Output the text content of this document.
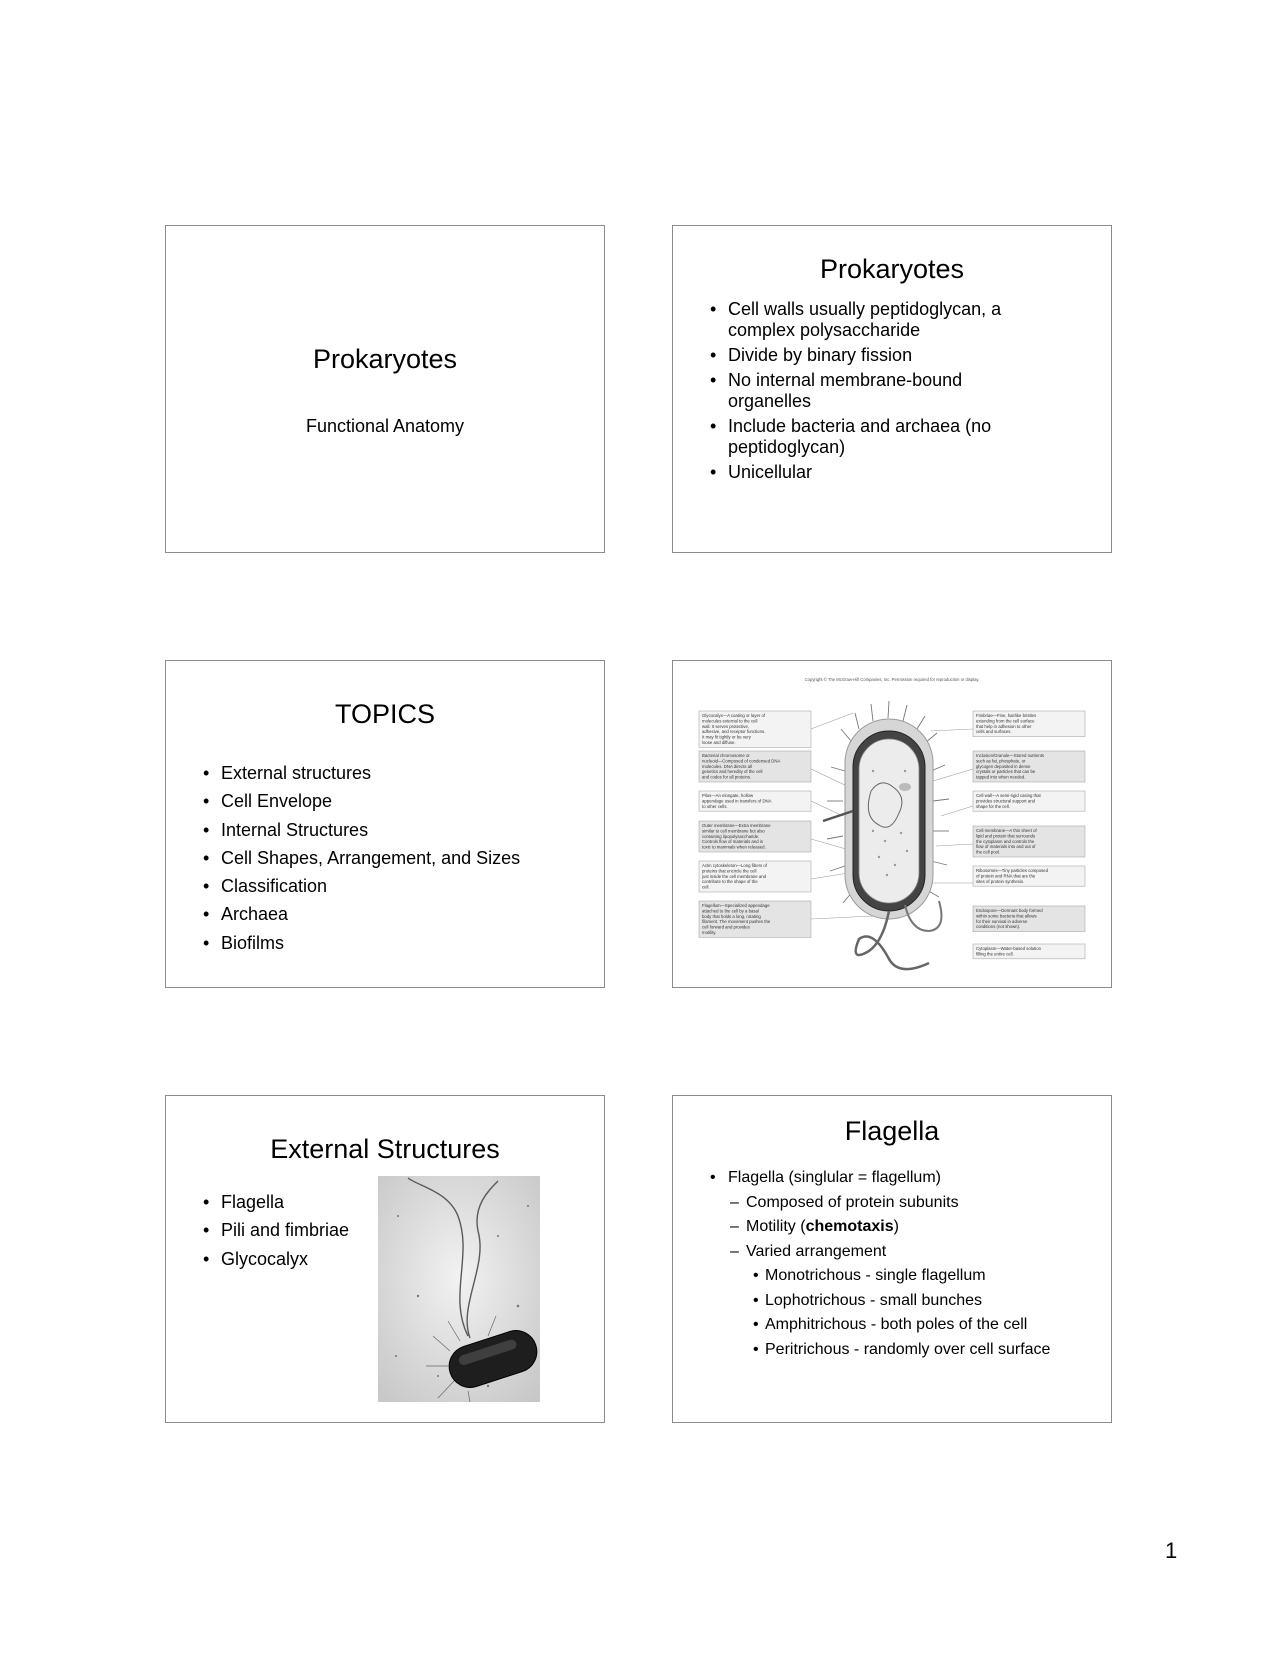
Prokaryotes
Functional Anatomy
Prokaryotes
• Cell walls usually peptidoglycan, a
complex polysaccharide
• Divide by binary fission
• No internal membrane-bound
organelles
• Include bacteria and archaea (no
peptidoglycan)
• Unicellular
TOPICS
• External structures
• Cell Envelope
• Internal Structures
• Cell Shapes, Arrangement, and Sizes
• Classification
• Archaea
• Biofilms
Copyright © The McGraw-Hill Companies, Inc. Permission required for reproduction or display.
Glycocalyx—A coating or layer of molecules external to the cell wall. It serves protective, adhesive, and receptor functions. It may fit tightly or be very loose and diffuse.
Bacterial chromosome or nucleoid—Composed of condensed DNA molecules. DNA directs all genetics and heredity of the cell and codes for all proteins.
Pilus—An elongate, hollow appendage used in transfers of DNA to other cells.
Outer membrane—Extra membrane similar to cell membrane but also containing lipopolysaccharide. Controls flow of materials and is toxic to mammals when released.
Actin cytoskeleton—Long fibers of proteins that encircle the cell just inside the cell membrane and contribute to the shape of the cell.
Flagellum—Specialized appendage attached to the cell by a basal body that holds a long, rotating filament. The movement pushes the cell forward and provides motility.
Fimbriae—Fine, hairlike bristles extending from the cell surface that help in adhesion to other cells and surfaces.
Inclusion/Granule—Stored nutrients such as fat, phosphate, or glycogen deposited in dense crystals or particles that can be tapped into when needed.
Cell wall—A semi-rigid casing that provides structural support and shape for the cell.
Cell membrane—A thin sheet of lipid and protein that surrounds the cytoplasm and controls the flow of materials into and out of the cell pool.
Ribosomes—Tiny particles composed of protein and RNA that are the sites of protein synthesis.
Endospore—Dormant body formed within some bacteria that allows for their survival in adverse conditions (not shown).
Cytoplasm—Water-based solution filling the entire cell.
External Structures
• Flagella
• Pili and fimbriae
• Glycocalyx
Flagella
• Flagella (singlular = flagellum)
– Composed of protein subunits
– Motility (chemotaxis)
– Varied arrangement
• Monotrichous - single flagellum
• Lophotrichous - small bunches
• Amphitrichous - both poles of the cell
• Peritrichous - randomly over cell surface
1
